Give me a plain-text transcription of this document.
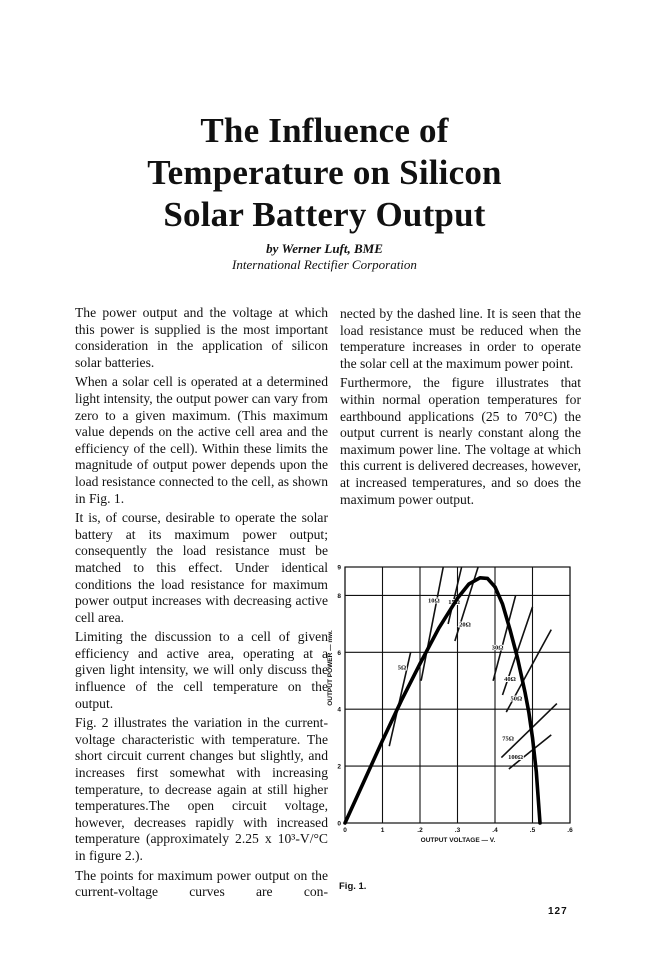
The Influence of
Temperature on Silicon
Solar Battery Output
by Werner Luft, BME
International Rectifier Corporation

The power output and the voltage at which this power is supplied is the most important consideration in the application of silicon solar batteries.

When a solar cell is operated at a determined light intensity, the output power can vary from zero to a given maximum. (This maximum value depends on the active cell area and the efficiency of the cell). Within these limits the magnitude of output power depends upon the load resistance connected to the cell, as shown in Fig. 1.

It is, of course, desirable to operate the solar battery at its maximum power output; consequently the load resistance must be matched to this effect. Under identical conditions the load resistance for maximum power output increases with decreasing active cell area.

Limiting the discussion to a cell of given efficiency and active area, operating at a given light intensity, we will only discuss the influence of the cell temperature on the output.

Fig. 2 illustrates the variation in the current-voltage characteristic with temperature. The short circuit current changes but slightly, and increases first somewhat with increasing temperature, to decrease again at still higher temperatures.The open circuit voltage, however, decreases rapidly with increased temperature (approximately 2.25 x 10³-V/°C in figure 2.).

The points for maximum power output on the current-voltage curves are con-

nected by the dashed line. It is seen that the load resistance must be reduced when the temperature increases in order to operate the solar cell at the maximum power point.

Furthermore, the figure illustrates that within normal operation temperatures for earthbound applications (25 to 70°C) the output current is nearly constant along the maximum power line. The voltage at which this current is delivered decreases, however, at increased temperatures, and so does the maximum power output.

5Ω
10Ω 15Ω
20Ω
30Ω
40Ω
50Ω
75Ω
100Ω
0	1	.2	.3	.4	.5	.6
0
2
4
6
8
9
OUTPUT VOLTAGE — V.
OUTPUT POWER — mw.
Fig. 1.
127
